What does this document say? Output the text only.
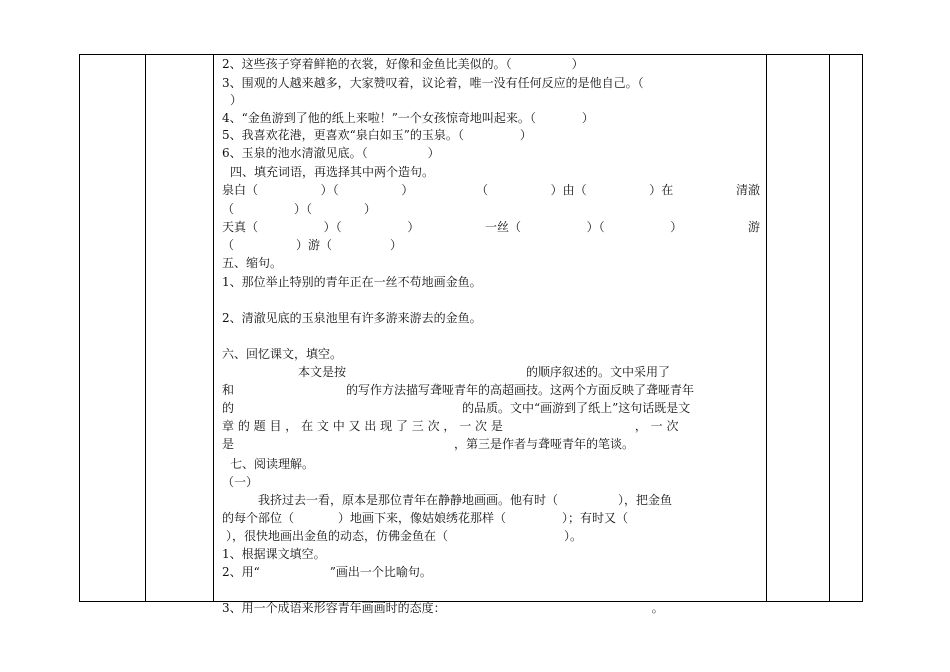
2、这些孩子穿着鲜艳的衣裳，好像和金鱼比美似的。（	）
3、围观的人越来越多，大家赞叹着，议论着，唯一没有任何反应的是他自己。（
）
4、“金鱼游到了他的纸上来啦！”一个女孩惊奇地叫起来。（	）
5、我喜欢花港，更喜欢“泉白如玉”的玉泉。（	）
6、玉泉的池水清澈见底。（	）
四、填充词语，再选择其中两个造句。
泉白（	）（	）	（	）由（	）在	清澈
（	）（	）
天真（	）（	）	一丝（	）（	）	游
（	）游（	）
五、缩句。
1、那位举止特别的青年正在一丝不苟地画金鱼。
2、清澈见底的玉泉池里有许多游来游去的金鱼。
六、回忆课文，填空。
本文是按	的顺序叙述的。文中采用了
和	的写作方法描写聋哑青年的高超画技。这两个方面反映了聋哑青年
的	的品质。文中“画游到了纸上”这句话既是文
章 的 题 目 ， 在 文 中 又 出 现 了 三 次 ， 一 次 是	， 一 次
是	，第三是作者与聋哑青年的笔谈。
七、阅读理解。
（一）
我挤过去一看，原本是那位青年在静静地画画。他有时（	），把金鱼
的每个部位（	）地画下来，像姑娘绣花那样（	）；有时又（
），很快地画出金鱼的动态，仿佛金鱼在（	）。
1、根据课文填空。
2、用“	”画出一个比喻句。
3、用一个成语来形容青年画画时的态度：	。
